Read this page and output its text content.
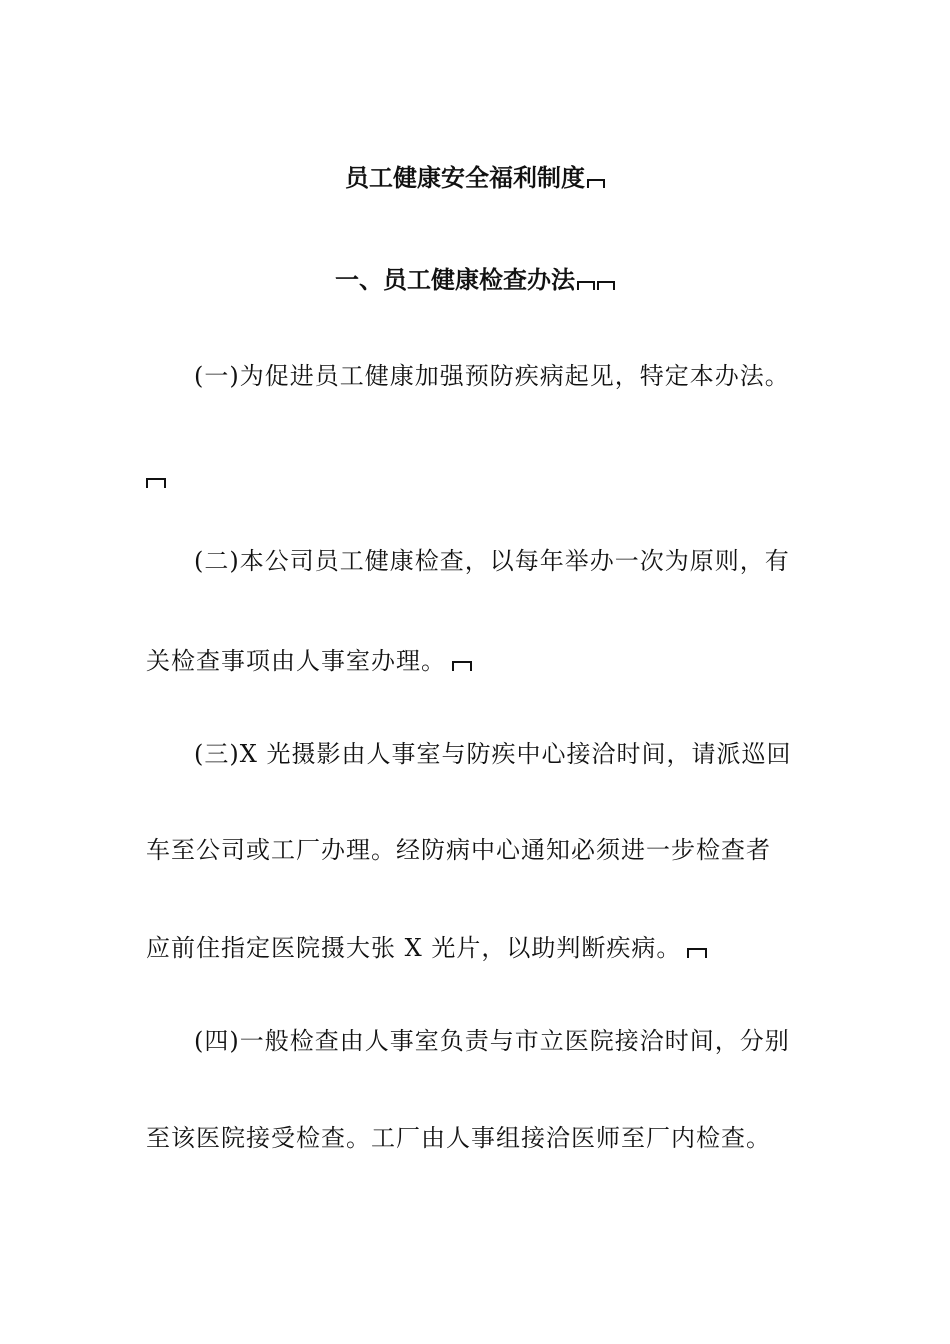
员工健康安全福利制度
一、员工健康检查办法
(一)为促进员工健康加强预防疾病起见，特定本办法。
(二)本公司员工健康检查，以每年举办一次为原则，有
关检查事项由人事室办理。
(三)X 光摄影由人事室与防疾中心接洽时间，请派巡回
车至公司或工厂办理。经防病中心通知必须进一步检查者
应前住指定医院摄大张 X 光片，以助判断疾病。
(四)一般检查由人事室负责与市立医院接洽时间，分别
至该医院接受检查。工厂由人事组接洽医师至厂内检查。
